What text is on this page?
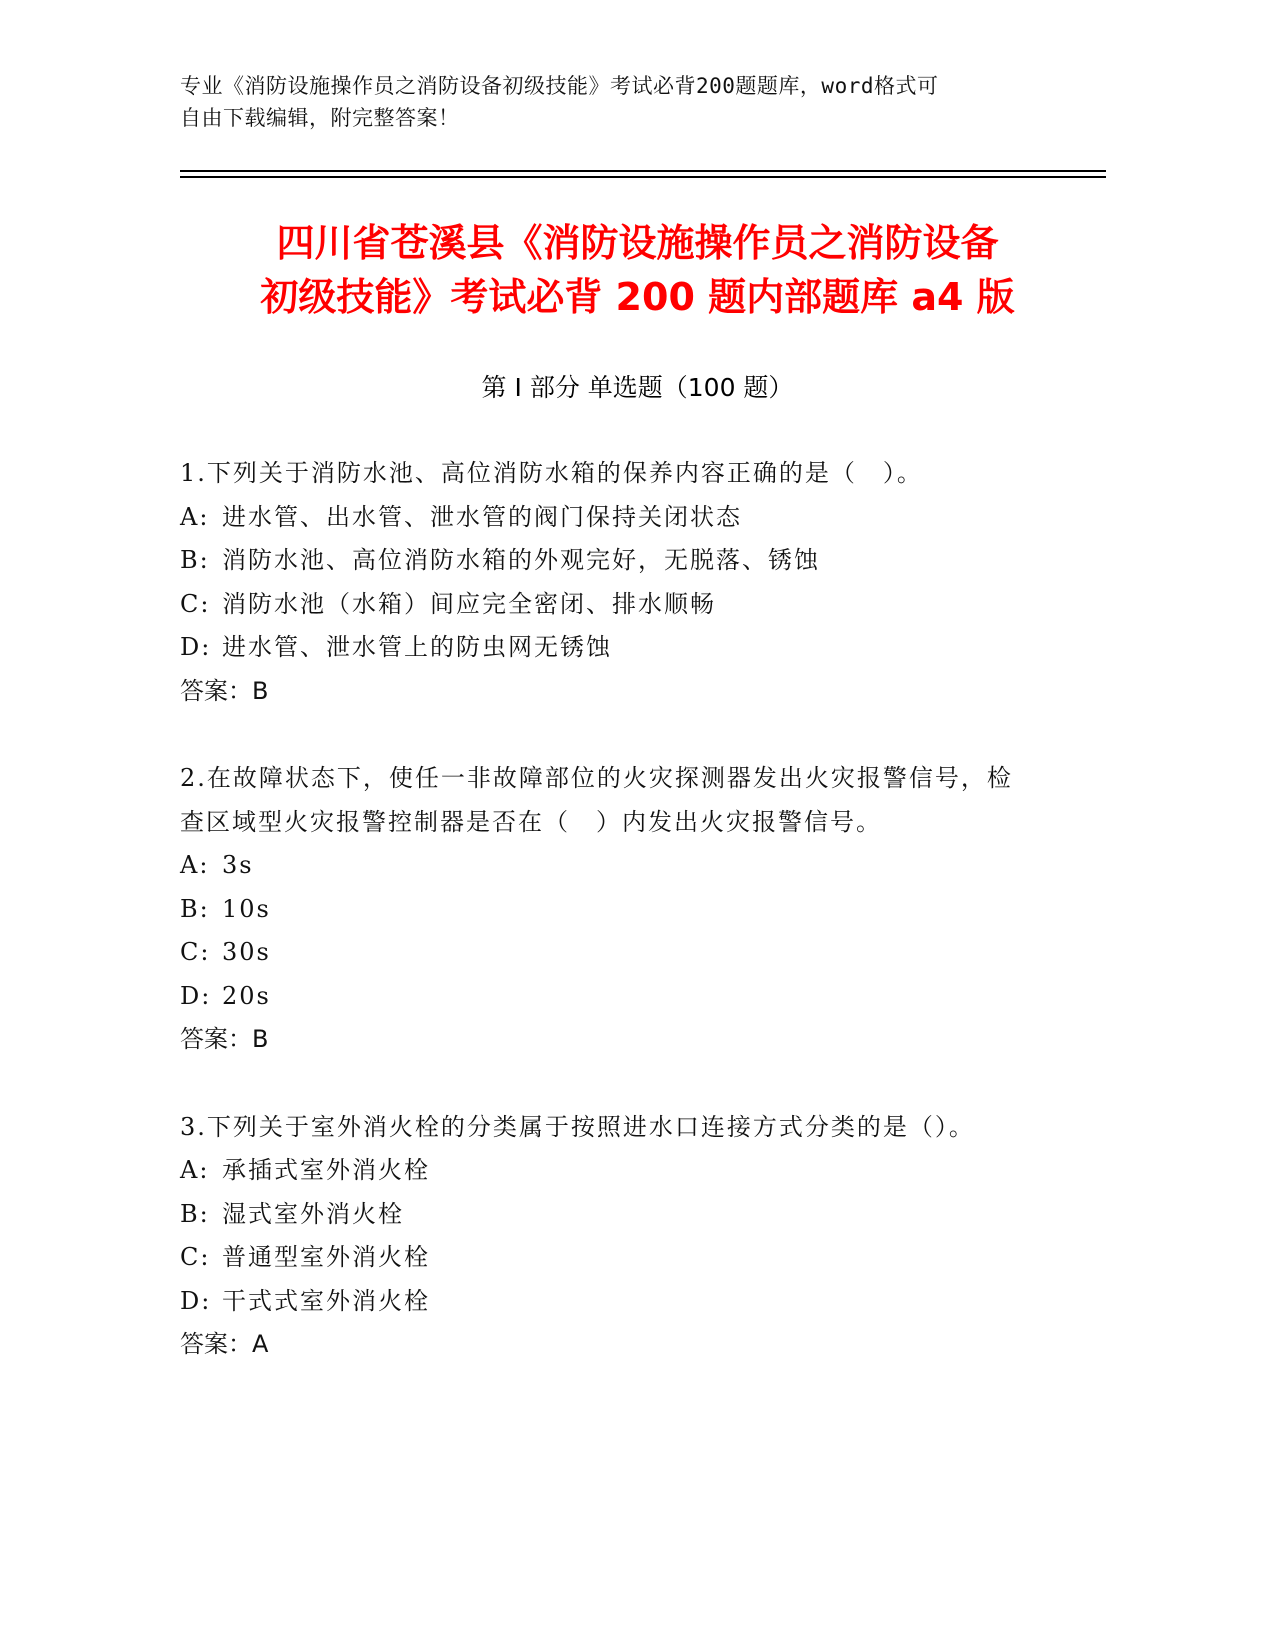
专业《消防设施操作员之消防设备初级技能》考试必背200题题库，word格式可
自由下载编辑，附完整答案！
四川省苍溪县《消防设施操作员之消防设备
初级技能》考试必背 200 题内部题库 a4 版
第 I 部分 单选题（100 题）
1.下列关于消防水池、高位消防水箱的保养内容正确的是（　）。
A: 进水管、出水管、泄水管的阀门保持关闭状态
B: 消防水池、高位消防水箱的外观完好，无脱落、锈蚀
C: 消防水池（水箱）间应完全密闭、排水顺畅
D: 进水管、泄水管上的防虫网无锈蚀
答案：B
2.在故障状态下，使任一非故障部位的火灾探测器发出火灾报警信号，检查区域型火灾报警控制器是否在（　）内发出火灾报警信号。
A: 3s
B: 10s
C: 30s
D: 20s
答案：B
3.下列关于室外消火栓的分类属于按照进水口连接方式分类的是（）。
A: 承插式室外消火栓
B: 湿式室外消火栓
C: 普通型室外消火栓
D: 干式式室外消火栓
答案：A
